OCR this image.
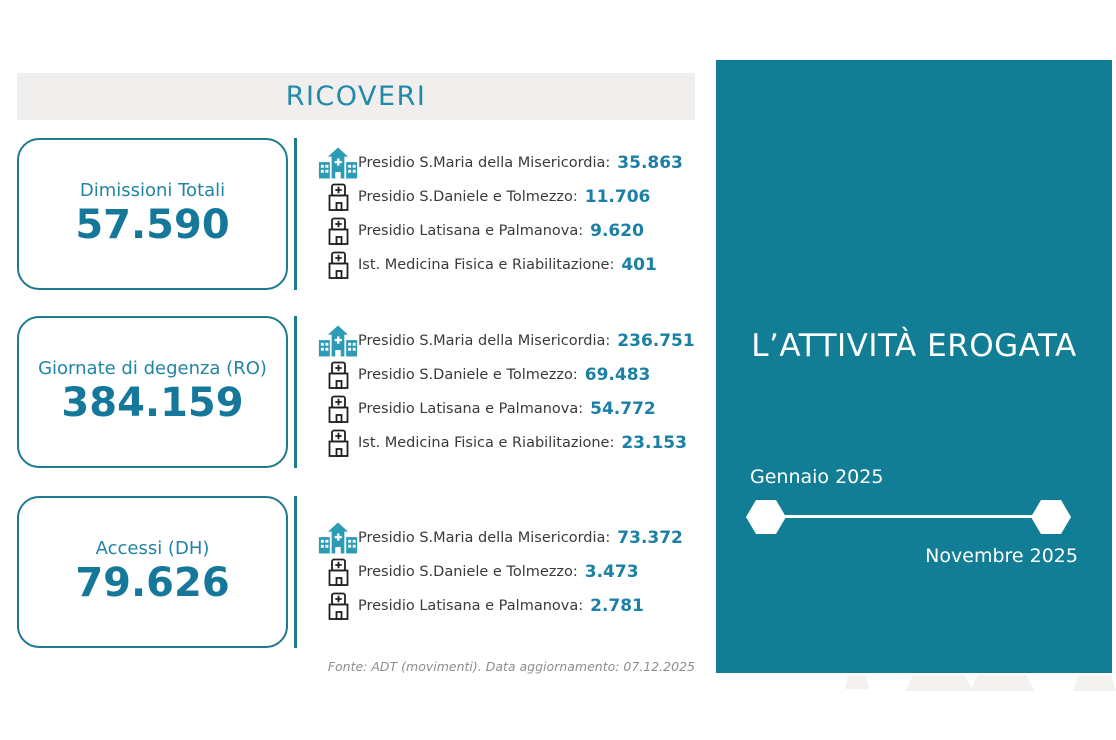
RICOVERI
Dimissioni Totali
57.590
Presidio S.Maria della Misericordia: 35.863
Presidio S.Daniele e Tolmezzo: 11.706
Presidio Latisana e Palmanova: 9.620
Ist. Medicina Fisica e Riabilitazione: 401
Giornate di degenza (RO)
384.159
Presidio S.Maria della Misericordia: 236.751
Presidio S.Daniele e Tolmezzo: 69.483
Presidio Latisana e Palmanova: 54.772
Ist. Medicina Fisica e Riabilitazione: 23.153
Accessi (DH)
79.626
Presidio S.Maria della Misericordia: 73.372
Presidio S.Daniele e Tolmezzo: 3.473
Presidio Latisana e Palmanova: 2.781
Fonte: ADT (movimenti). Data aggiornamento: 07.12.2025
L’ATTIVITÀ EROGATA
Gennaio 2025
Novembre 2025
